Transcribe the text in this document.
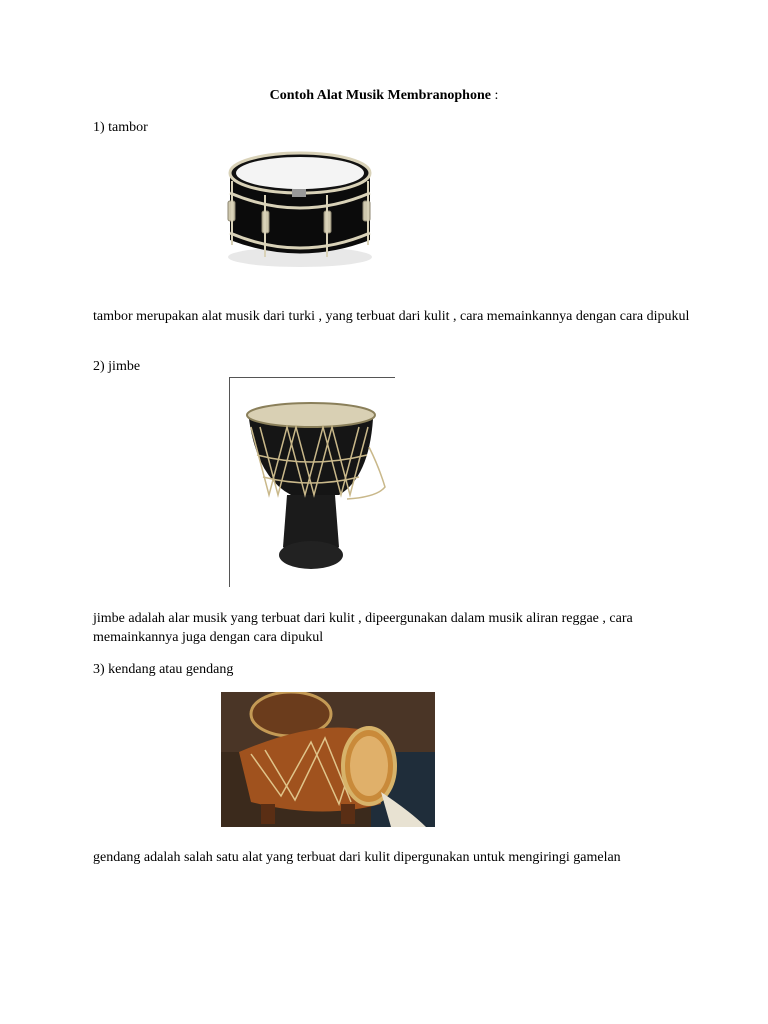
Contoh Alat Musik Membranophone :
1) tambor
tambor merupakan alat musik dari turki , yang terbuat dari kulit , cara memainkannya dengan cara dipukul
2) jimbe
jimbe adalah alar musik yang terbuat dari kulit , dipeergunakan dalam musik aliran reggae , cara memainkannya juga dengan cara dipukul
3) kendang atau gendang
gendang adalah salah satu alat yang terbuat dari kulit dipergunakan untuk mengiringi gamelan
